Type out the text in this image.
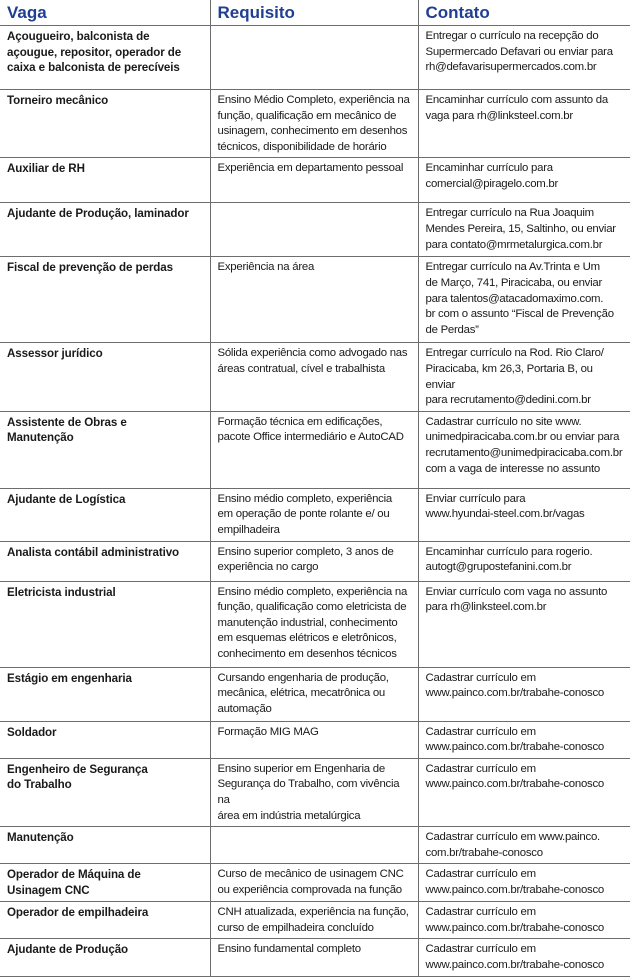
Vaga	Requisito	Contato

Açougueiro, balconista de
açougue, repositor, operador de
caixa e balconista de perecíveis		Entregar o currículo na recepção do
Supermercado Defavari ou enviar para
rh@defavarisupermercados.com.br

Torneiro mecânico	Ensino Médio Completo, experiência na
função, qualificação em mecânico de
usinagem, conhecimento em desenhos
técnicos, disponibilidade de horário	Encaminhar currículo com assunto da
vaga para rh@linksteel.com.br

Auxiliar de RH	Experiência em departamento pessoal	Encaminhar currículo para
comercial@piragelo.com.br

Ajudante de Produção, laminador		Entregar currículo na Rua Joaquim
Mendes Pereira, 15, Saltinho, ou enviar
para contato@mrmetalurgica.com.br

Fiscal de prevenção de perdas	Experiência na área	Entregar currículo na Av.Trinta e Um
de Março, 741, Piracicaba, ou enviar
para talentos@atacadomaximo.com.
br com o assunto “Fiscal de Prevenção
de Perdas”

Assessor jurídico	Sólida experiência como advogado nas
áreas contratual, cível e trabalhista	Entregar currículo na Rod. Rio Claro/
Piracicaba, km 26,3, Portaria B, ou enviar
para recrutamento@dedini.com.br

Assistente de Obras e
Manutenção	Formação técnica em edificações,
pacote Office intermediário e AutoCAD	Cadastrar currículo no site www.
unimedpiracicaba.com.br ou enviar para
recrutamento@unimedpiracicaba.com.br
com a vaga de interesse no assunto

Ajudante de Logística	Ensino médio completo, experiência
em operação de ponte rolante e/ ou
empilhadeira	Enviar currículo para
www.hyundai-steel.com.br/vagas

Analista contábil administrativo	Ensino superior completo, 3 anos de
experiência no cargo	Encaminhar currículo para rogerio.
autogt@grupostefanini.com.br

Eletricista industrial	Ensino médio completo, experiência na
função, qualificação como eletricista de
manutenção industrial, conhecimento
em esquemas elétricos e eletrônicos,
conhecimento em desenhos técnicos	Enviar currículo com vaga no assunto
para rh@linksteel.com.br

Estágio em engenharia	Cursando engenharia de produção,
mecânica, elétrica, mecatrônica ou
automação	Cadastrar currículo em
www.painco.com.br/trabahe-conosco

Soldador	Formação MIG MAG	Cadastrar currículo em
www.painco.com.br/trabahe-conosco

Engenheiro de Segurança
do Trabalho	Ensino superior em Engenharia de
Segurança do Trabalho, com vivência na
área em indústria metalúrgica	Cadastrar currículo em
www.painco.com.br/trabahe-conosco

Manutenção		Cadastrar currículo em www.painco.
com.br/trabahe-conosco

Operador de Máquina de
Usinagem CNC	Curso de mecânico de usinagem CNC
ou experiência comprovada na função	Cadastrar currículo em
www.painco.com.br/trabahe-conosco

Operador de empilhadeira	CNH atualizada, experiência na função,
curso de empilhadeira concluído	Cadastrar currículo em
www.painco.com.br/trabahe-conosco

Ajudante de Produção	Ensino fundamental completo	Cadastrar currículo em
www.painco.com.br/trabahe-conosco
